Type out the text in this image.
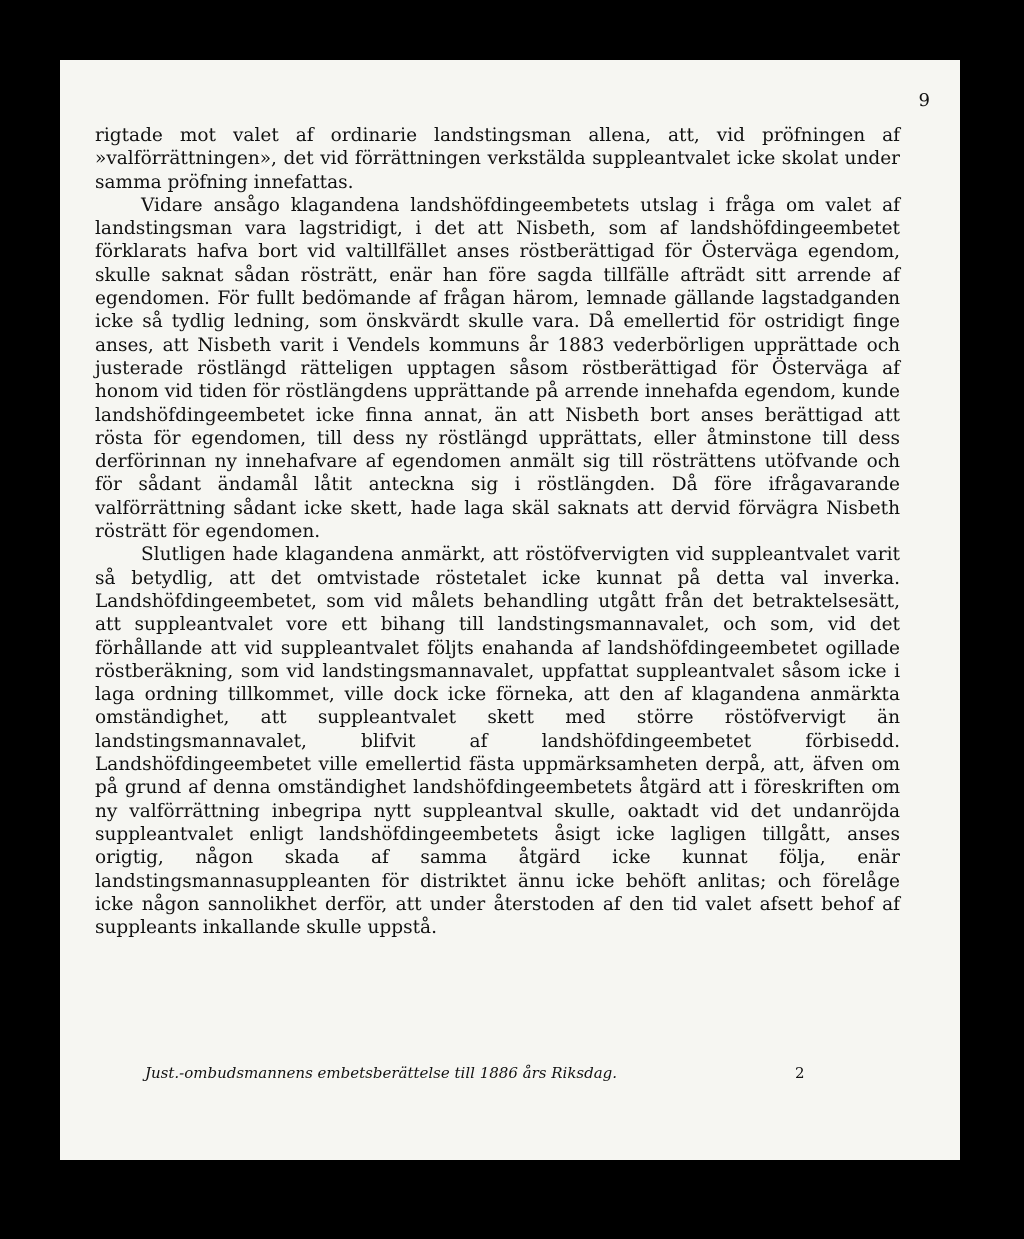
9

rigtade mot valet af ordinarie landstingsman allena, att, vid pröfningen af »valförrättningen», det vid förrättningen verkstälda suppleantvalet icke skolat under samma pröfning innefattas.

Vidare ansågo klagandena landshöfdingeembetets utslag i fråga om valet af landstingsman vara lagstridigt, i det att Nisbeth, som af landshöfdingeembetet förklarats hafva bort vid valtillfället anses röstberättigad för Österväga egendom, skulle saknat sådan rösträtt, enär han före sagda tillfälle afträdt sitt arrende af egendomen. För fullt bedömande af frågan härom, lemnade gällande lagstadganden icke så tydlig ledning, som önskvärdt skulle vara. Då emellertid för ostridigt finge anses, att Nisbeth varit i Vendels kommuns år 1883 vederbörligen upprättade och justerade röstlängd rätteligen upptagen såsom röstberättigad för Österväga af honom vid tiden för röstlängdens upprättande på arrende innehafda egendom, kunde landshöfdingeembetet icke finna annat, än att Nisbeth bort anses berättigad att rösta för egendomen, till dess ny röstlängd upprättats, eller åtminstone till dess derförinnan ny innehafvare af egendomen anmält sig till rösträttens utöfvande och för sådant ändamål låtit anteckna sig i röstlängden. Då före ifrågavarande valförrättning sådant icke skett, hade laga skäl saknats att dervid förvägra Nisbeth rösträtt för egendomen.

Slutligen hade klagandena anmärkt, att röstöfvervigten vid suppleantvalet varit så betydlig, att det omtvistade röstetalet icke kunnat på detta val inverka. Landshöfdingeembetet, som vid målets behandling utgått från det betraktelsesätt, att suppleantvalet vore ett bihang till landstingsmannavalet, och som, vid det förhållande att vid suppleantvalet följts enahanda af landshöfdingeembetet ogillade röstberäkning, som vid landstingsmannavalet, uppfattat suppleantvalet såsom icke i laga ordning tillkommet, ville dock icke förneka, att den af klagandena anmärkta omständighet, att suppleantvalet skett med större röstöfvervigt än landstingsmannavalet, blifvit af landshöfdingeembetet förbisedd. Landshöfdingeembetet ville emellertid fästa uppmärksamheten derpå, att, äfven om på grund af denna omständighet landshöfdingeembetets åtgärd att i föreskriften om ny valförrättning inbegripa nytt suppleantval skulle, oaktadt vid det undanröjda suppleantvalet enligt landshöfdingeembetets åsigt icke lagligen tillgått, anses origtig, någon skada af samma åtgärd icke kunnat följa, enär landstingsmannasuppleanten för distriktet ännu icke behöft anlitas; och förelåge icke någon sannolikhet derför, att under återstoden af den tid valet afsett behof af suppleants inkallande skulle uppstå.

Just.-ombudsmannens embetsberättelse till 1886 års Riksdag.	2
